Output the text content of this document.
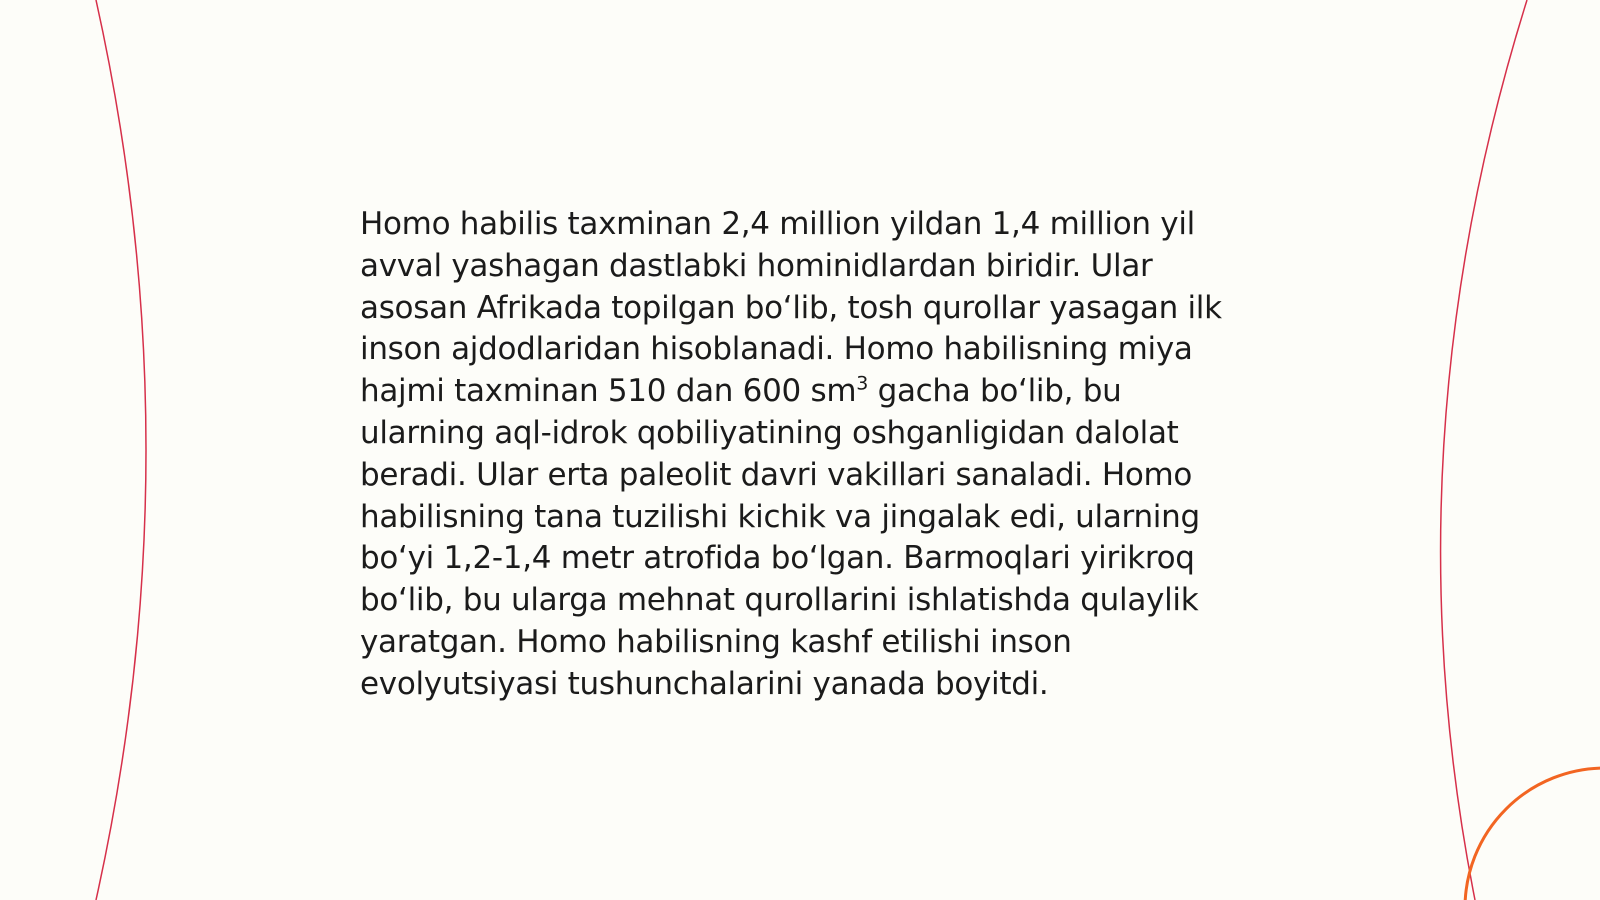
Homo habilis taxminan 2,4 million yildan 1,4 million yil avval yashagan dastlabki hominidlardan biridir. Ular asosan Afrikada topilgan bo‘lib, tosh qurollar yasagan ilk inson ajdodlaridan hisoblanadi. Homo habilisning miya hajmi taxminan 510 dan 600 $sm^3$ gacha bo‘lib, bu ularning aql-idrok qobiliyatining oshganligidan dalolat beradi. Ular erta paleolit davri vakillari sanaladi. Homo habilisning tana tuzilishi kichik va jingalak edi, ularning bo‘yi 1,2-1,4 metr atrofida bo‘lgan. Barmoqlari yirikroq bo‘lib, bu ularga mehnat qurollarini ishlatishda qulaylik yaratgan. Homo habilisning kashf etilishi inson evolyutsiyasi tushunchalarini yanada boyitdi.
